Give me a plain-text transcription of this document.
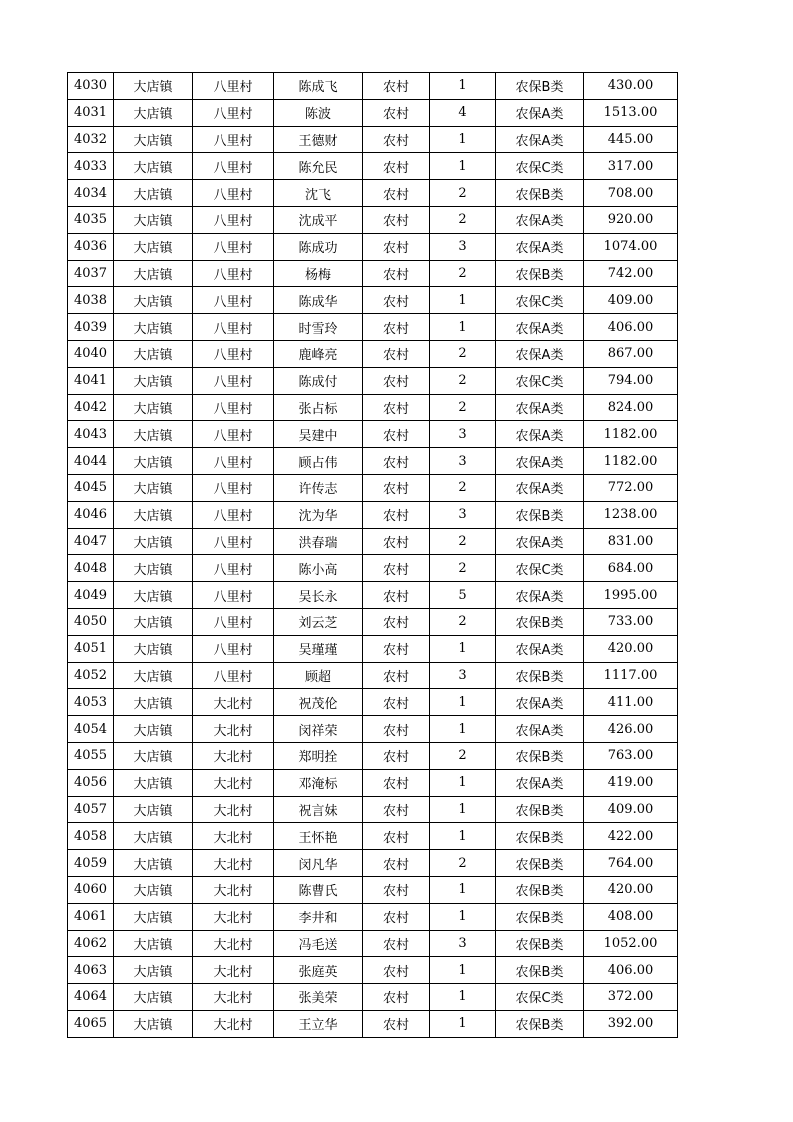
4030	大店镇	八里村	陈成飞	农村	1	农保B类	430.00
4031	大店镇	八里村	陈波	农村	4	农保A类	1513.00
4032	大店镇	八里村	王德财	农村	1	农保A类	445.00
4033	大店镇	八里村	陈允民	农村	1	农保C类	317.00
4034	大店镇	八里村	沈飞	农村	2	农保B类	708.00
4035	大店镇	八里村	沈成平	农村	2	农保A类	920.00
4036	大店镇	八里村	陈成功	农村	3	农保A类	1074.00
4037	大店镇	八里村	杨梅	农村	2	农保B类	742.00
4038	大店镇	八里村	陈成华	农村	1	农保C类	409.00
4039	大店镇	八里村	时雪玲	农村	1	农保A类	406.00
4040	大店镇	八里村	鹿峰亮	农村	2	农保A类	867.00
4041	大店镇	八里村	陈成付	农村	2	农保C类	794.00
4042	大店镇	八里村	张占标	农村	2	农保A类	824.00
4043	大店镇	八里村	吴建中	农村	3	农保A类	1182.00
4044	大店镇	八里村	顾占伟	农村	3	农保A类	1182.00
4045	大店镇	八里村	许传志	农村	2	农保A类	772.00
4046	大店镇	八里村	沈为华	农村	3	农保B类	1238.00
4047	大店镇	八里村	洪春瑞	农村	2	农保A类	831.00
4048	大店镇	八里村	陈小高	农村	2	农保C类	684.00
4049	大店镇	八里村	吴长永	农村	5	农保A类	1995.00
4050	大店镇	八里村	刘云芝	农村	2	农保B类	733.00
4051	大店镇	八里村	吴瑾瑾	农村	1	农保A类	420.00
4052	大店镇	八里村	顾超	农村	3	农保B类	1117.00
4053	大店镇	大北村	祝茂伦	农村	1	农保A类	411.00
4054	大店镇	大北村	闵祥荣	农村	1	农保A类	426.00
4055	大店镇	大北村	郑明拴	农村	2	农保B类	763.00
4056	大店镇	大北村	邓淹标	农村	1	农保A类	419.00
4057	大店镇	大北村	祝言妹	农村	1	农保B类	409.00
4058	大店镇	大北村	王怀艳	农村	1	农保B类	422.00
4059	大店镇	大北村	闵凡华	农村	2	农保B类	764.00
4060	大店镇	大北村	陈曹氏	农村	1	农保B类	420.00
4061	大店镇	大北村	李井和	农村	1	农保B类	408.00
4062	大店镇	大北村	冯毛送	农村	3	农保B类	1052.00
4063	大店镇	大北村	张庭英	农村	1	农保B类	406.00
4064	大店镇	大北村	张美荣	农村	1	农保C类	372.00
4065	大店镇	大北村	王立华	农村	1	农保B类	392.00
